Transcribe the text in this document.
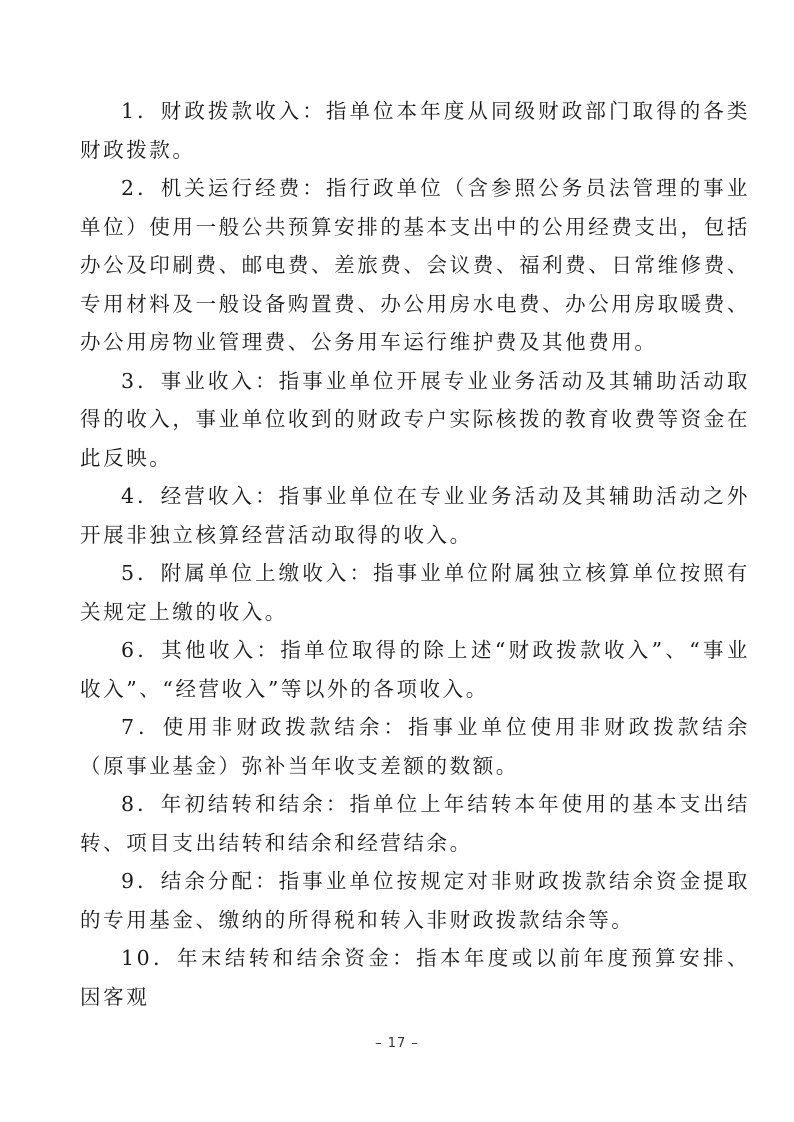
1．财政拨款收入：指单位本年度从同级财政部门取得的各类财政拨款。

2．机关运行经费：指行政单位（含参照公务员法管理的事业单位）使用一般公共预算安排的基本支出中的公用经费支出，包括办公及印刷费、邮电费、差旅费、会议费、福利费、日常维修费、专用材料及一般设备购置费、办公用房水电费、办公用房取暖费、办公用房物业管理费、公务用车运行维护费及其他费用。

3．事业收入：指事业单位开展专业业务活动及其辅助活动取得的收入，事业单位收到的财政专户实际核拨的教育收费等资金在此反映。

4．经营收入：指事业单位在专业业务活动及其辅助活动之外开展非独立核算经营活动取得的收入。

5．附属单位上缴收入：指事业单位附属独立核算单位按照有关规定上缴的收入。

6．其他收入：指单位取得的除上述“财政拨款收入”、“事业收入”、“经营收入”等以外的各项收入。

7．使用非财政拨款结余：指事业单位使用非财政拨款结余（原事业基金）弥补当年收支差额的数额。

8．年初结转和结余：指单位上年结转本年使用的基本支出结转、项目支出结转和结余和经营结余。

9．结余分配：指事业单位按规定对非财政拨款结余资金提取的专用基金、缴纳的所得税和转入非财政拨款结余等。

10．年末结转和结余资金：指本年度或以前年度预算安排、因客观

– 17 –
